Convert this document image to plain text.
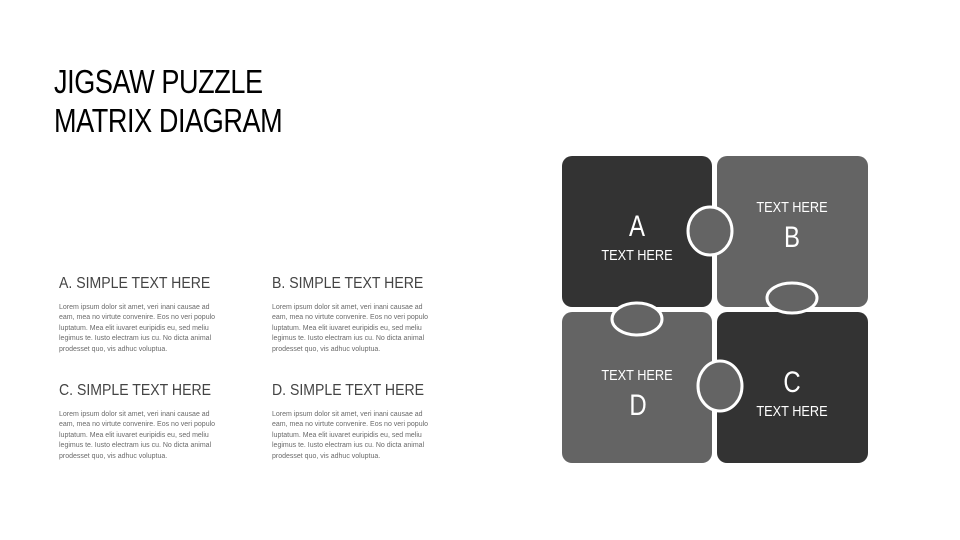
JIGSAW PUZZLE
MATRIX DIAGRAM
A. SIMPLE TEXT HERE

Lorem ipsum dolor sit amet, veri inani causae ad eam, mea no virtute convenire. Eos no veri populo luptatum. Mea elit iuvaret euripidis eu, sed meliu legimus te. Iusto electram ius cu. No dicta animal prodesset quo, vis adhuc voluptua.

B. SIMPLE TEXT HERE

Lorem ipsum dolor sit amet, veri inani causae ad eam, mea no virtute convenire. Eos no veri populo luptatum. Mea elit iuvaret euripidis eu, sed meliu legimus te. Iusto electram ius cu. No dicta animal prodesset quo, vis adhuc voluptua.

C. SIMPLE TEXT HERE

Lorem ipsum dolor sit amet, veri inani causae ad eam, mea no virtute convenire. Eos no veri populo luptatum. Mea elit iuvaret euripidis eu, sed meliu legimus te. Iusto electram ius cu. No dicta animal prodesset quo, vis adhuc voluptua.

D. SIMPLE TEXT HERE

Lorem ipsum dolor sit amet, veri inani causae ad eam, mea no virtute convenire. Eos no veri populo luptatum. Mea elit iuvaret euripidis eu, sed meliu legimus te. Iusto electram ius cu. No dicta animal prodesset quo, vis adhuc voluptua.

A
TEXT HERE
TEXT HERE
B
TEXT HERE
D
C
TEXT HERE
